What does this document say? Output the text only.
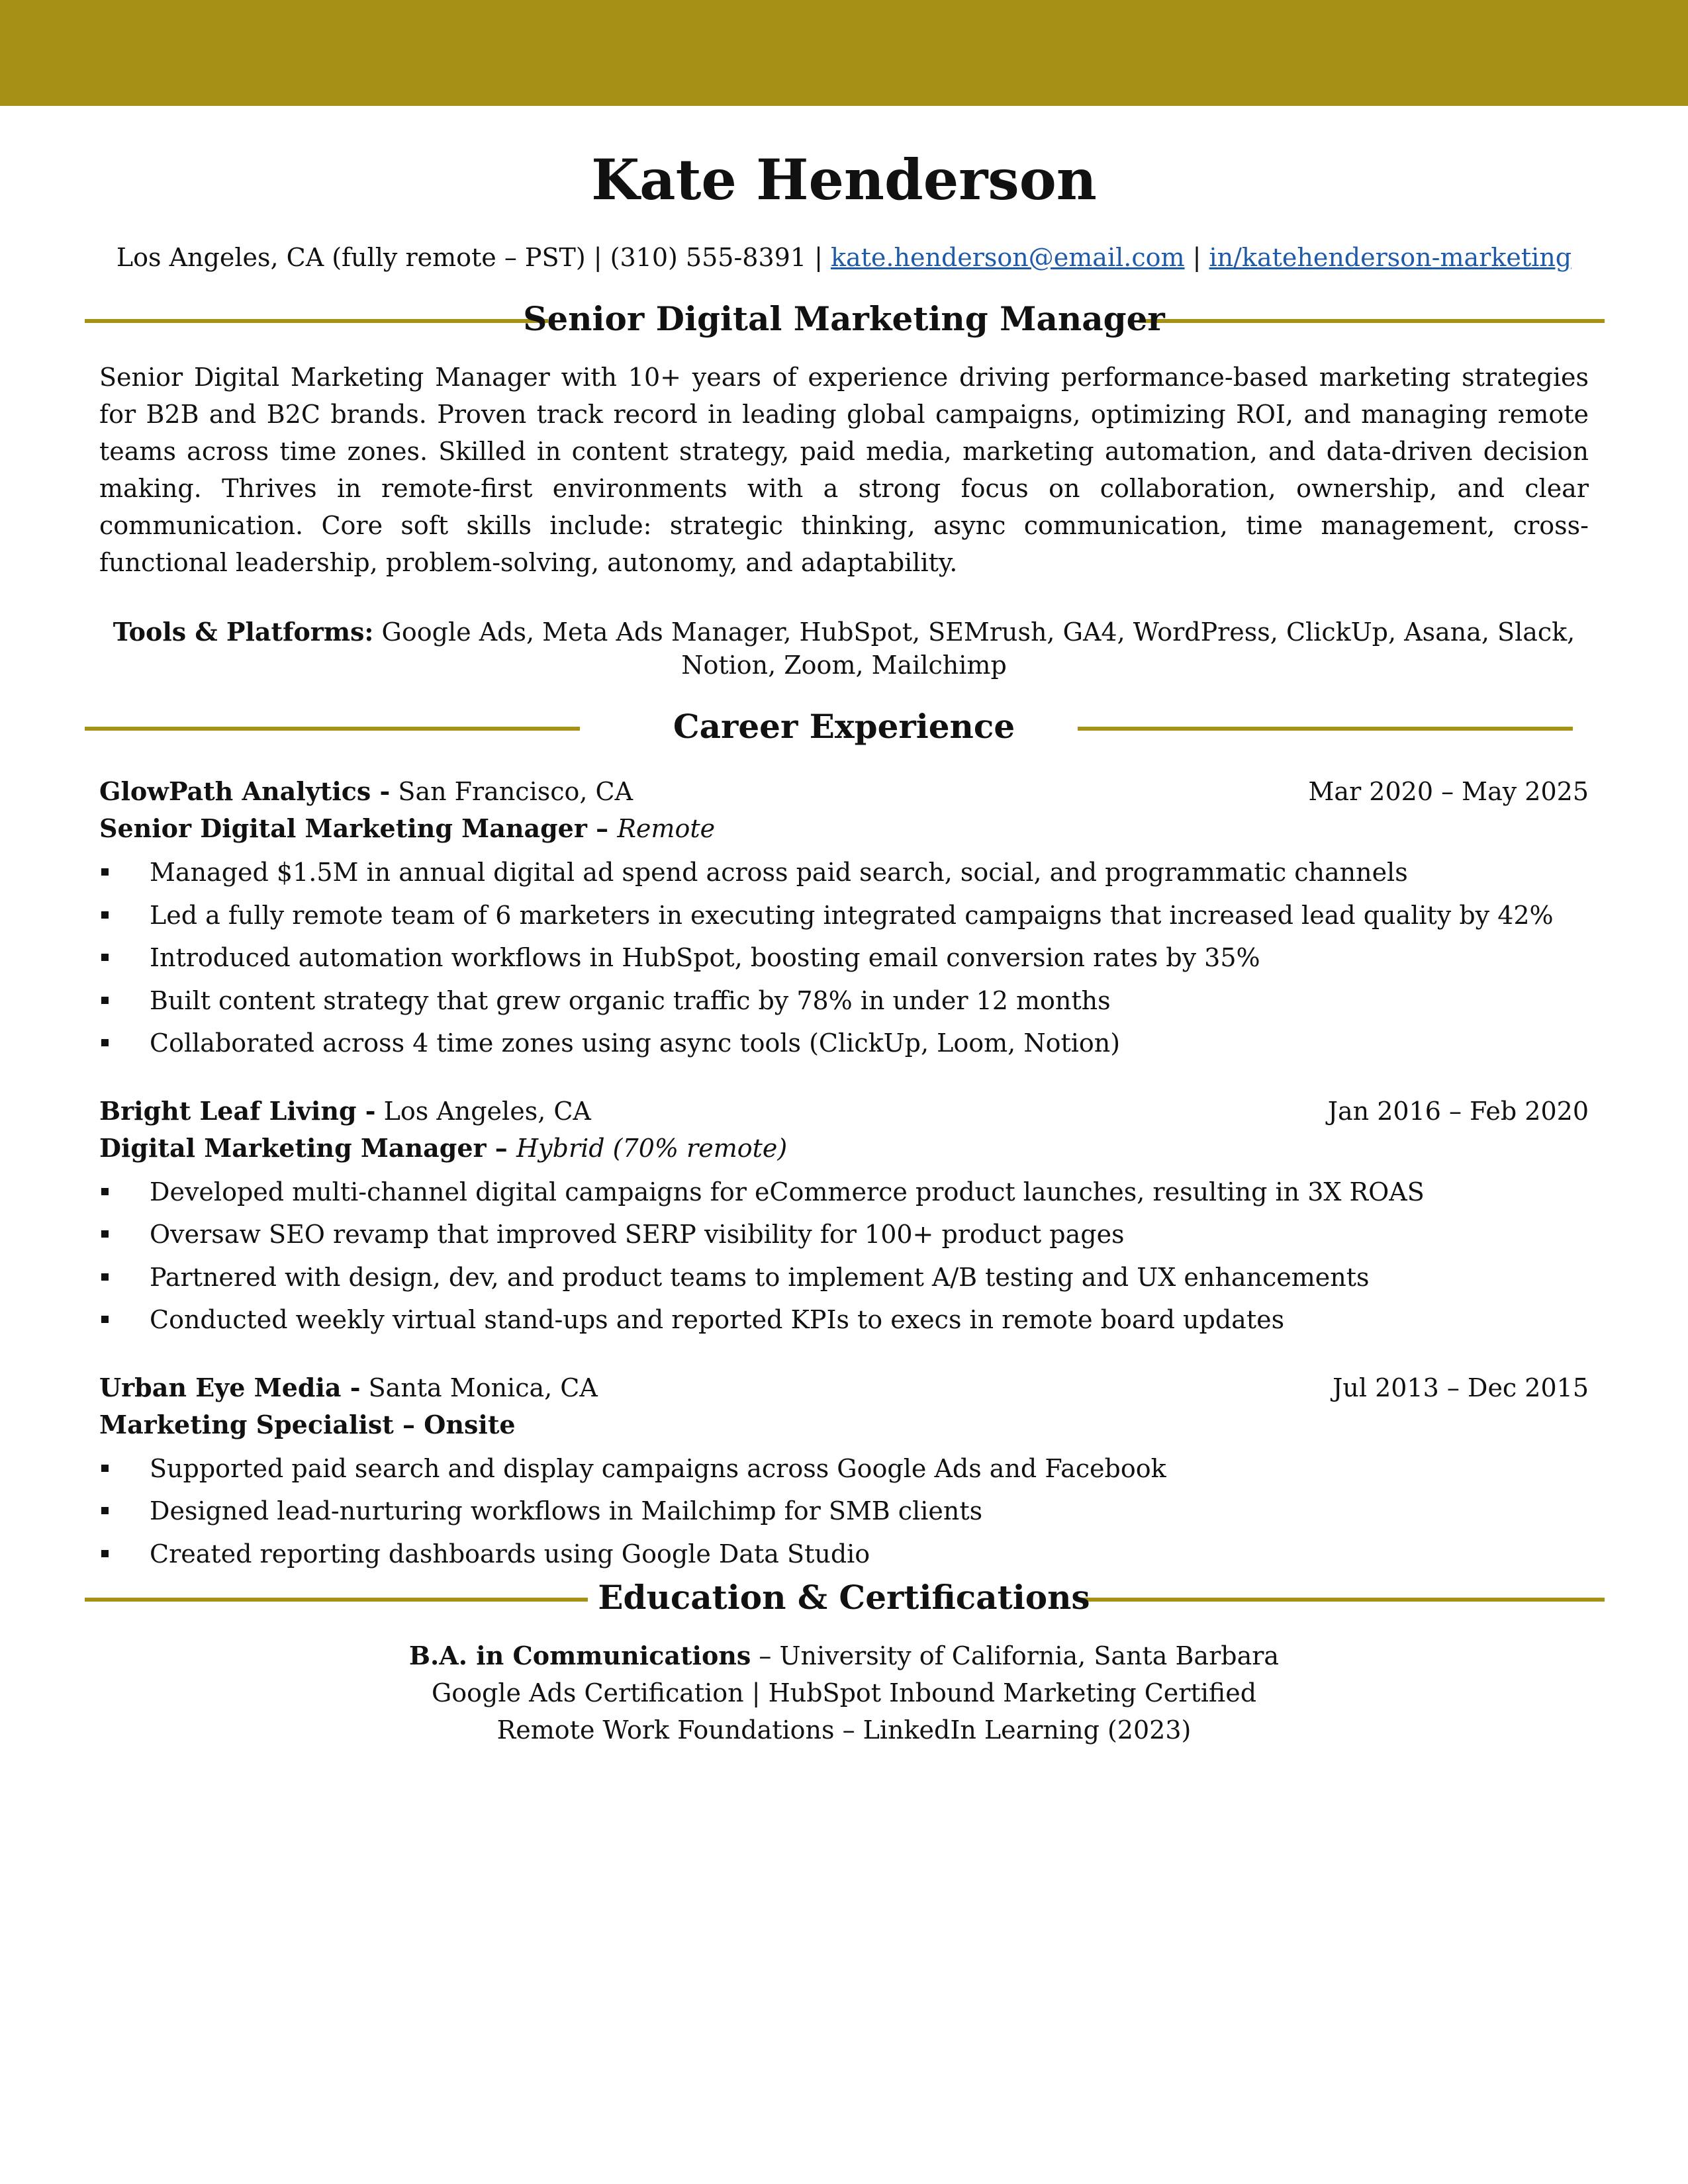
Kate Henderson
Los Angeles, CA (fully remote – PST) | (310) 555-8391 | kate.henderson@email.com | in/katehenderson-marketing
Senior Digital Marketing Manager
Senior Digital Marketing Manager with 10+ years of experience driving performance-based marketing strategies for B2B and B2C brands. Proven track record in leading global campaigns, optimizing ROI, and managing remote teams across time zones. Skilled in content strategy, paid media, marketing automation, and data-driven decision making. Thrives in remote-first environments with a strong focus on collaboration, ownership, and clear communication. Core soft skills include: strategic thinking, async communication, time management, cross-functional leadership, problem-solving, autonomy, and adaptability.
Tools & Platforms: Google Ads, Meta Ads Manager, HubSpot, SEMrush, GA4, WordPress, ClickUp, Asana, Slack, Notion, Zoom, Mailchimp
Career Experience
GlowPath Analytics - San Francisco, CA	Mar 2020 – May 2025
Senior Digital Marketing Manager – Remote
Managed $1.5M in annual digital ad spend across paid search, social, and programmatic channels
Led a fully remote team of 6 marketers in executing integrated campaigns that increased lead quality by 42%
Introduced automation workflows in HubSpot, boosting email conversion rates by 35%
Built content strategy that grew organic traffic by 78% in under 12 months
Collaborated across 4 time zones using async tools (ClickUp, Loom, Notion)
Bright Leaf Living - Los Angeles, CA	Jan 2016 – Feb 2020
Digital Marketing Manager – Hybrid (70% remote)
Developed multi-channel digital campaigns for eCommerce product launches, resulting in 3X ROAS
Oversaw SEO revamp that improved SERP visibility for 100+ product pages
Partnered with design, dev, and product teams to implement A/B testing and UX enhancements
Conducted weekly virtual stand-ups and reported KPIs to execs in remote board updates
Urban Eye Media - Santa Monica, CA	Jul 2013 – Dec 2015
Marketing Specialist – Onsite
Supported paid search and display campaigns across Google Ads and Facebook
Designed lead-nurturing workflows in Mailchimp for SMB clients
Created reporting dashboards using Google Data Studio
Education & Certifications
B.A. in Communications – University of California, Santa Barbara
Google Ads Certification | HubSpot Inbound Marketing Certified
Remote Work Foundations – LinkedIn Learning (2023)
